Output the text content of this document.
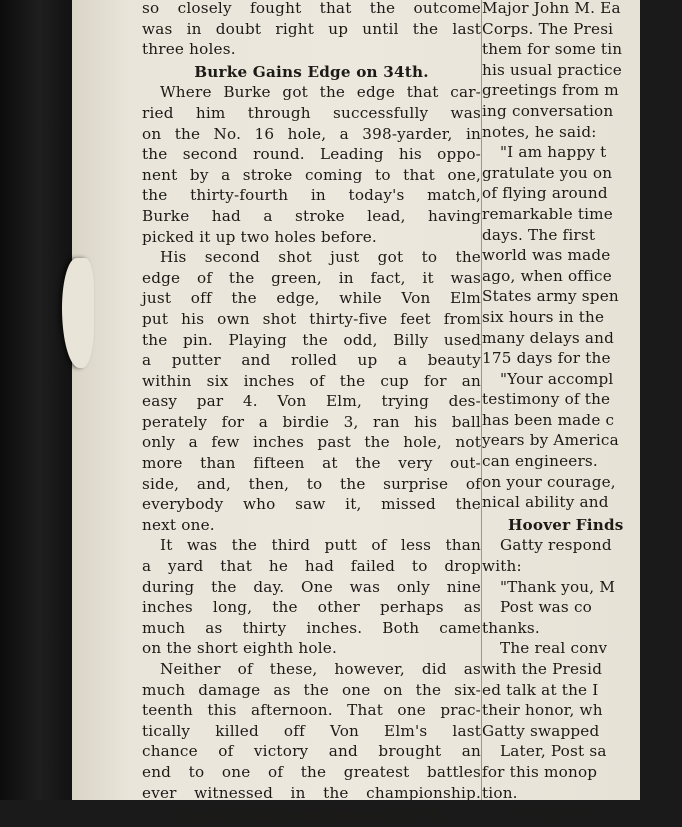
so closely fought that the outcome
was in doubt right up until the last
three holes.
Burke Gains Edge on 34th.
Where Burke got the edge that car-
ried him through successfully was
on the No. 16 hole, a 398-yarder, in
the second round. Leading his oppo-
nent by a stroke coming to that one,
the thirty-fourth in today's match,
Burke had a stroke lead, having
picked it up two holes before.
His second shot just got to the
edge of the green, in fact, it was
just off the edge, while Von Elm
put his own shot thirty-five feet from
the pin. Playing the odd, Billy used
a putter and rolled up a beauty
within six inches of the cup for an
easy par 4. Von Elm, trying des-
perately for a birdie 3, ran his ball
only a few inches past the hole, not
more than fifteen at the very out-
side, and, then, to the surprise of
everybody who saw it, missed the
next one.
It was the third putt of less than
a yard that he had failed to drop
during the day. One was only nine
inches long, the other perhaps as
much as thirty inches. Both came
on the short eighth hole.
Neither of these, however, did as
much damage as the one on the six-
teenth this afternoon. That one prac-
tically killed off Von Elm's last
chance of victory and brought an
end to one of the greatest battles
ever witnessed in the championship.
Burke Has Medal Round of 71.
Major John M. Ea
Corps. The Presi
them for some tin
his usual practice
greetings from m
ing conversation
notes, he said:
"I am happy t
gratulate you on
of flying around
remarkable time
days. The first
world was made
ago, when office
States army spen
six hours in the
many delays and
175 days for the
"Your accompl
testimony of the
has been made c
years by America
can engineers.
on your courage,
nical ability and
Hoover Finds
Gatty respond
with:
"Thank you, M
Post was co
thanks.
The real conv
with the Presid
ed talk at the I
their honor, wh
Gatty swapped
Later, Post sa
for this monop
tion.
"This guy is
